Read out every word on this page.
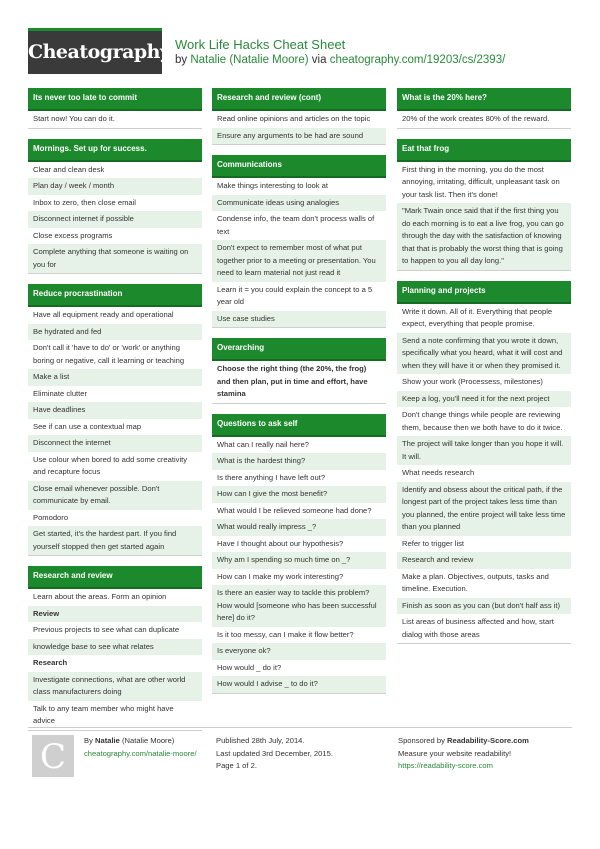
Cheatography Work Life Hacks Cheat Sheet
by Natalie (Natalie Moore) via cheatography.com/19203/cs/2393/
Its never too late to commit
Start now! You can do it.
Mornings. Set up for success.
Clear and clean desk
Plan day / week / month
Inbox to zero, then close email
Disconnect internet if possible
Close excess programs
Complete anything that someone is waiting on you for
Reduce procrastination
Have all equipment ready and operational
Be hydrated and fed
Don't call it 'have to do' or 'work' or anything boring or negative, call it learning or teaching
Make a list
Eliminate clutter
Have deadlines
See if can use a contextual map
Disconnect the internet
Use colour when bored to add some creativity and recapture focus
Close email whenever possible. Don't communicate by email.
Pomodoro
Get started, it's the hardest part. If you find yourself stopped then get started again
Research and review
Learn about the areas. Form an opinion
Review
Previous projects to see what can duplicate
knowledge base to see what relates
Research
Investigate connections, what are other world class manufacturers doing
Talk to any team member who might have advice
Research and review (cont)
Read online opinions and articles on the topic
Ensure any arguments to be had are sound
Communications
Make things interesting to look at
Communicate ideas using analogies
Condense info, the team don't process walls of text
Don't expect to remember most of what put together prior to a meeting or presentation. You need to learn material not just read it
Learn it = you could explain the concept to a 5 year old
Use case studies
Overarching
Choose the right thing (the 20%, the frog) and then plan, put in time and effort, have stamina
Questions to ask self
What can I really nail here?
What is the hardest thing?
Is there anything I have left out?
How can I give the most benefit?
What would I be relieved someone had done?
What would really impress _?
Have I thought about our hypothesis?
Why am I spending so much time on _?
How can I make my work interesting?
Is there an easier way to tackle this problem? How would [someone who has been successful here] do it?
Is it too messy, can I make it flow better?
Is everyone ok?
How would _ do it?
How would I advise _ to do it?
What is the 20% here?
20% of the work creates 80% of the reward.
Eat that frog
First thing in the morning, you do the most annoying, irritating, difficult, unpleasant task on your task list. Then it's done!
"Mark Twain once said that if the first thing you do each morning is to eat a live frog, you can go through the day with the satisfaction of knowing that that is probably the worst thing that is going to happen to you all day long."
Planning and projects
Write it down. All of it. Everything that people expect, everything that people promise.
Send a note confirming that you wrote it down, specifically what you heard, what it will cost and when they will have it or when they promised it.
Show your work (Processess, milestones)
Keep a log, you'll need it for the next project
Don't change things while people are reviewing them, because then we both have to do it twice.
The project will take longer than you hope it will. It will.
What needs research
Identify and obsess about the critical path, if the longest part of the project takes less time than you planned, the entire project will take less time than you planned
Refer to trigger list
Research and review
Make a plan. Objectives, outputs, tasks and timeline. Execution.
Finish as soon as you can (but don't half ass it)
List areas of business affected and how, start dialog with those areas
C	By Natalie (Natalie Moore)
cheatography.com/natalie-moore/
Published 28th July, 2014.
Last updated 3rd December, 2015.
Page 1 of 2.
Sponsored by Readability-Score.com
Measure your website readability!
https://readability-score.com
